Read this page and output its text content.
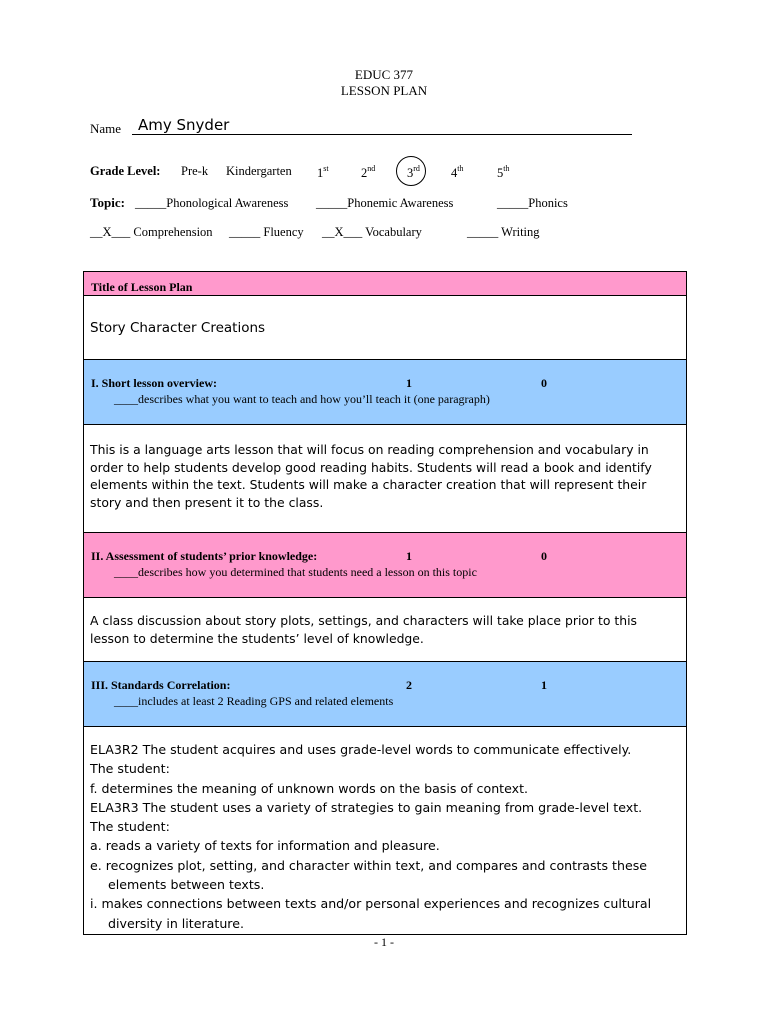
EDUC 377
LESSON PLAN
Name Amy Snyder
Grade Level: Pre-k Kindergarten 1st	2nd	3rd 4th	5th
Topic: _____Phonological Awareness _____Phonemic Awareness	_____Phonics
__X___ Comprehension _____ Fluency __X___ Vocabulary	_____ Writing
Title of Lesson Plan
Story Character Creations
I. Short lesson overview:	1	0
____describes what you want to teach and how you’ll teach it (one paragraph)
This is a language arts lesson that will focus on reading comprehension and vocabulary in order to help students develop good reading habits. Students will read a book and identify elements within the text. Students will make a character creation that will represent their story and then present it to the class.
II. Assessment of students’ prior knowledge:	1	0
____describes how you determined that students need a lesson on this topic
A class discussion about story plots, settings, and characters will take place prior to this lesson to determine the students’ level of knowledge.
III. Standards Correlation:	2	1
____includes at least 2 Reading GPS and related elements
ELA3R2 The student acquires and uses grade-level words to communicate effectively.
The student:
f. determines the meaning of unknown words on the basis of context.
ELA3R3 The student uses a variety of strategies to gain meaning from grade-level text.
The student:
a. reads a variety of texts for information and pleasure.
e. recognizes plot, setting, and character within text, and compares and contrasts these
elements between texts.
i. makes connections between texts and/or personal experiences and recognizes cultural
diversity in literature.
- 1 -
